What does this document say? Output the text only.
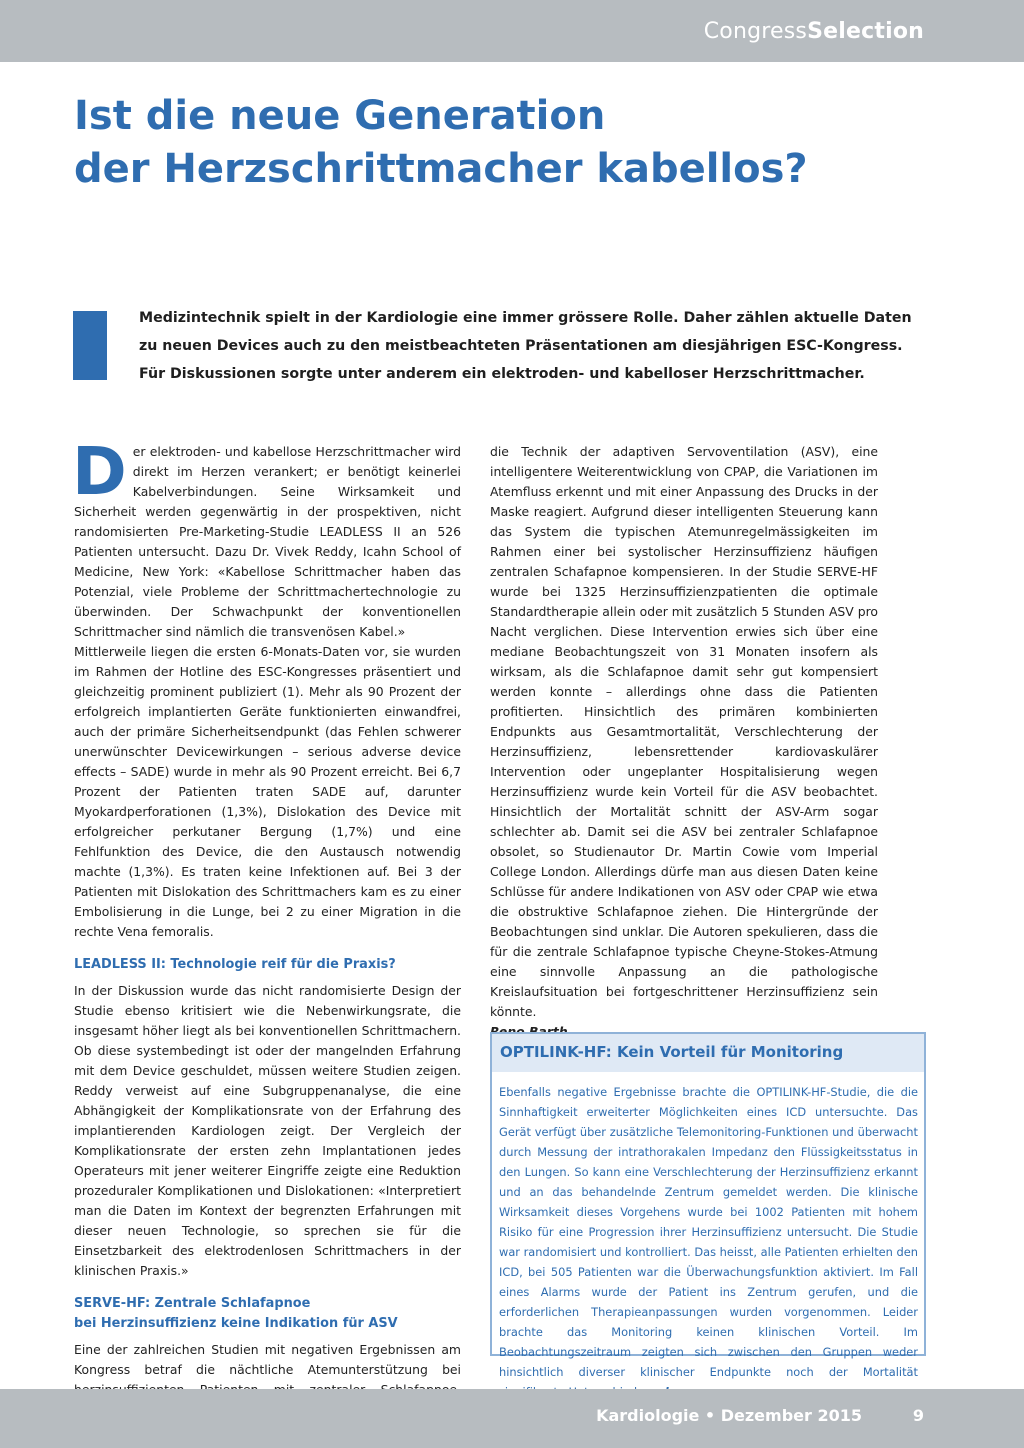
CongressSelection
Ist die neue Generation
der Herzschrittmacher kabellos?
Medizintechnik spielt in der Kardiologie eine immer grössere Rolle. Daher zählen aktuelle Daten
zu neuen Devices auch zu den meistbeachteten Präsentationen am diesjährigen ESC-Kongress.
Für Diskussionen sorgte unter anderem ein elektroden- und kabelloser Herzschrittmacher.

Der elektroden- und kabellose Herzschrittmacher wird direkt im Herzen verankert; er benötigt keinerlei Kabelverbindungen. Seine Wirksamkeit und Sicherheit werden gegenwärtig in der prospektiven, nicht randomisierten Pre-Marketing-Studie LEADLESS II an 526 Patienten untersucht. Dazu Dr. Vivek Reddy, Icahn School of Medicine, New York: «Kabellose Schrittmacher haben das Potenzial, viele Probleme der Schrittmachertechnologie zu überwinden. Der Schwachpunkt der konventionellen Schrittmacher sind nämlich die transvenösen Kabel.»

Mittlerweile liegen die ersten 6-Monats-Daten vor, sie wurden im Rahmen der Hotline des ESC-Kongresses präsentiert und gleichzeitig prominent publiziert (1). Mehr als 90 Prozent der erfolgreich implantierten Geräte funktionierten einwandfrei, auch der primäre Sicherheitsendpunkt (das Fehlen schwerer unerwünschter Devicewirkungen – serious adverse device effects – SADE) wurde in mehr als 90 Prozent erreicht. Bei 6,7 Prozent der Patienten traten SADE auf, darunter Myokardperforationen (1,3%), Dislokation des Device mit erfolgreicher perkutaner Bergung (1,7%) und eine Fehlfunktion des Device, die den Austausch notwendig machte (1,3%). Es traten keine Infektionen auf. Bei 3 der Patienten mit Dislokation des Schrittmachers kam es zu einer Embolisierung in die Lunge, bei 2 zu einer Migration in die rechte Vena femoralis.

LEADLESS II: Technologie reif für die Praxis?

In der Diskussion wurde das nicht randomisierte Design der Studie ebenso kritisiert wie die Nebenwirkungsrate, die insgesamt höher liegt als bei konventionellen Schrittmachern. Ob diese systembedingt ist oder der mangelnden Erfahrung mit dem Device geschuldet, müssen weitere Studien zeigen. Reddy verweist auf eine Subgruppenanalyse, die eine Abhängigkeit der Komplikationsrate von der Erfahrung des implantierenden Kardiologen zeigt. Der Vergleich der Komplikationsrate der ersten zehn Implantationen jedes Operateurs mit jener weiterer Eingriffe zeigte eine Reduktion prozeduraler Komplikationen und Dislokationen: «Interpretiert man die Daten im Kontext der begrenzten Erfahrungen mit dieser neuen Technologie, so sprechen sie für die Einsetzbarkeit des elektrodenlosen Schrittmachers in der klinischen Praxis.»

SERVE-HF: Zentrale Schlafapnoe
bei Herzinsuffizienz keine Indikation für ASV

Eine der zahlreichen Studien mit negativen Ergebnissen am Kongress betraf die nächtliche Atemunterstützung bei

die Technik der adaptiven Servoventilation (ASV), eine intelligentere Weiterentwicklung von CPAP, die Variationen im Atemfluss erkennt und mit einer Anpassung des Drucks in der Maske reagiert. Aufgrund dieser intelligenten Steuerung kann das System die typischen Atemunregelmässigkeiten im Rahmen einer bei systolischer Herzinsuffizienz häufigen zentralen Schafapnoe kompensieren. In der Studie SERVE-HF wurde bei 1325 Herzinsuffizienzpatienten die optimale Standardtherapie allein oder mit zusätzlich 5 Stunden ASV pro Nacht verglichen. Diese Intervention erwies sich über eine mediane Beobachtungszeit von 31 Monaten insofern als wirksam, als die Schlafapnoe damit sehr gut kompensiert werden konnte – allerdings ohne dass die Patienten profitierten. Hinsichtlich des primären kombinierten Endpunkts aus Gesamtmortalität, Verschlechterung der Herzinsuffizienz, lebensrettender kardiovaskulärer Intervention oder ungeplanter Hospitalisierung wegen Herzinsuffizienz wurde kein Vorteil für die ASV beobachtet. Hinsichtlich der Mortalität schnitt der ASV-Arm sogar schlechter ab. Damit sei die ASV bei zentraler Schlafapnoe obsolet, so Studienautor Dr. Martin Cowie vom Imperial College London. Allerdings dürfe man aus diesen Daten keine Schlüsse für andere Indikationen von ASV oder CPAP wie etwa die obstruktive Schlafapnoe ziehen. Die Hintergründe der Beobachtungen sind unklar. Die Autoren spekulieren, dass die für die zentrale Schlafapnoe typische Cheyne-Stokes-Atmung eine sinnvolle Anpassung an die pathologische Kreislaufsituation bei fortgeschrittener Herzinsuffizienz sein könnte.

OPTILINK-HF: Kein Vorteil für Monitoring

Ebenfalls negative Ergebnisse brachte die OPTILINK-HF-Studie, die die Sinnhaftigkeit erweiterter Möglichkeiten eines ICD untersuchte. Das Gerät verfügt über zusätzliche Telemonitoring-Funktionen und überwacht durch Messung der intrathorakalen Impedanz den Flüssigkeitsstatus in den Lungen. So kann eine Verschlechterung der Herzinsuffizienz erkannt und an das behandelnde Zentrum gemeldet werden. Die klinische Wirksamkeit dieses Vorgehens wurde bei 1002 Patienten mit hohem Risiko für eine Progression ihrer Herzinsuffizienz untersucht. Die Studie war randomisiert und kontrolliert. Das heisst, alle Patienten erhielten den ICD, bei 505 Patienten war die Überwachungsfunktion aktiviert. Im Fall eines Alarms wurde der Patient ins Zentrum gerufen, und die erforderlichen Therapieanpassungen wurden vorgenommen. Leider brachte das Monitoring keinen klinischen Vorteil. Im Beobachtungszeitraum zeigten sich zwischen den Gruppen weder hinsichtlich diverser klinischer Endpunkte noch der Mortalität

Kardiologie • Dezember 2015	9
